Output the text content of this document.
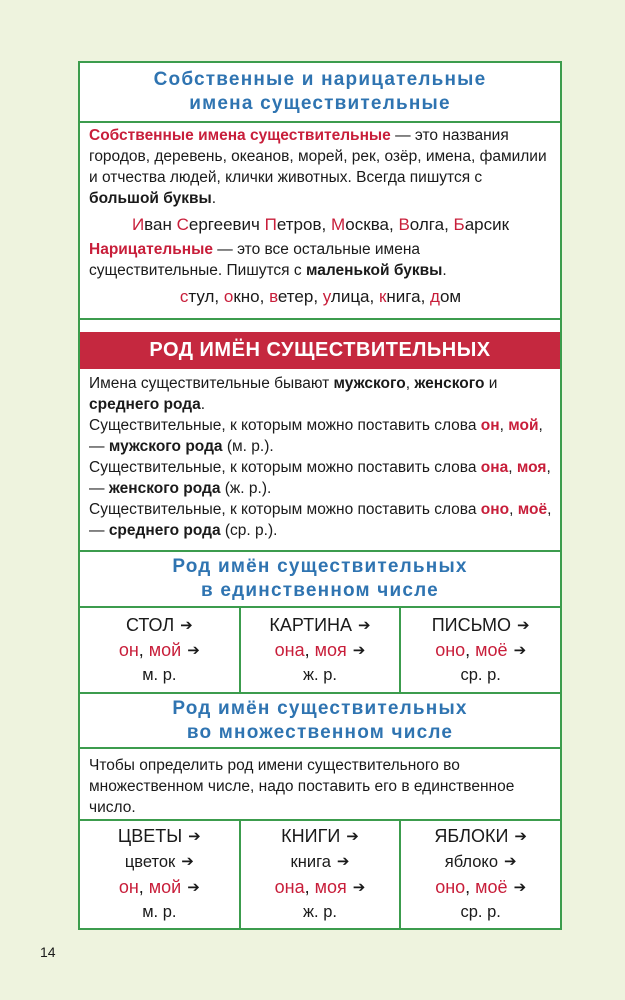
Собственные и нарицательные
имена существительные

Собственные имена существительные — это названия городов, деревень, океанов, морей, рек, озёр, имена, фамилии и отчества людей, клички животных. Всегда пишутся с большой буквы.

Иван Сергеевич Петров, Москва, Волга, Барсик

Нарицательные — это все остальные имена существительные. Пишутся с маленькой буквы.

стул, окно, ветер, улица, книга, дом
РОД ИМЁН СУЩЕСТВИТЕЛЬНЫХ

Имена существительные бывают мужского, женского и среднего рода.

Существительные, к которым можно поставить слова он, мой, — мужского рода (м. р.).

Существительные, к которым можно поставить слова она, моя, — женского рода (ж. р.).

Существительные, к которым можно поставить слова оно, моё, — среднего рода (ср. р.).

Род имён существительных
в единственном числе
СТОЛ ➔
он, мой ➔
м. р.
КАРТИНА ➔
она, моя ➔
ж. р.
ПИСЬМО ➔
оно, моё ➔
ср. р.
Род имён существительных
во множественном числе

Чтобы определить род имени существительного во множественном числе, надо поставить его в единственное число.

ЦВЕТЫ ➔
цветок ➔
он, мой ➔
м. р.
КНИГИ ➔
книга ➔
она, моя ➔
ж. р.
ЯБЛОКИ ➔
яблоко ➔
оно, моё ➔
ср. р.
14
